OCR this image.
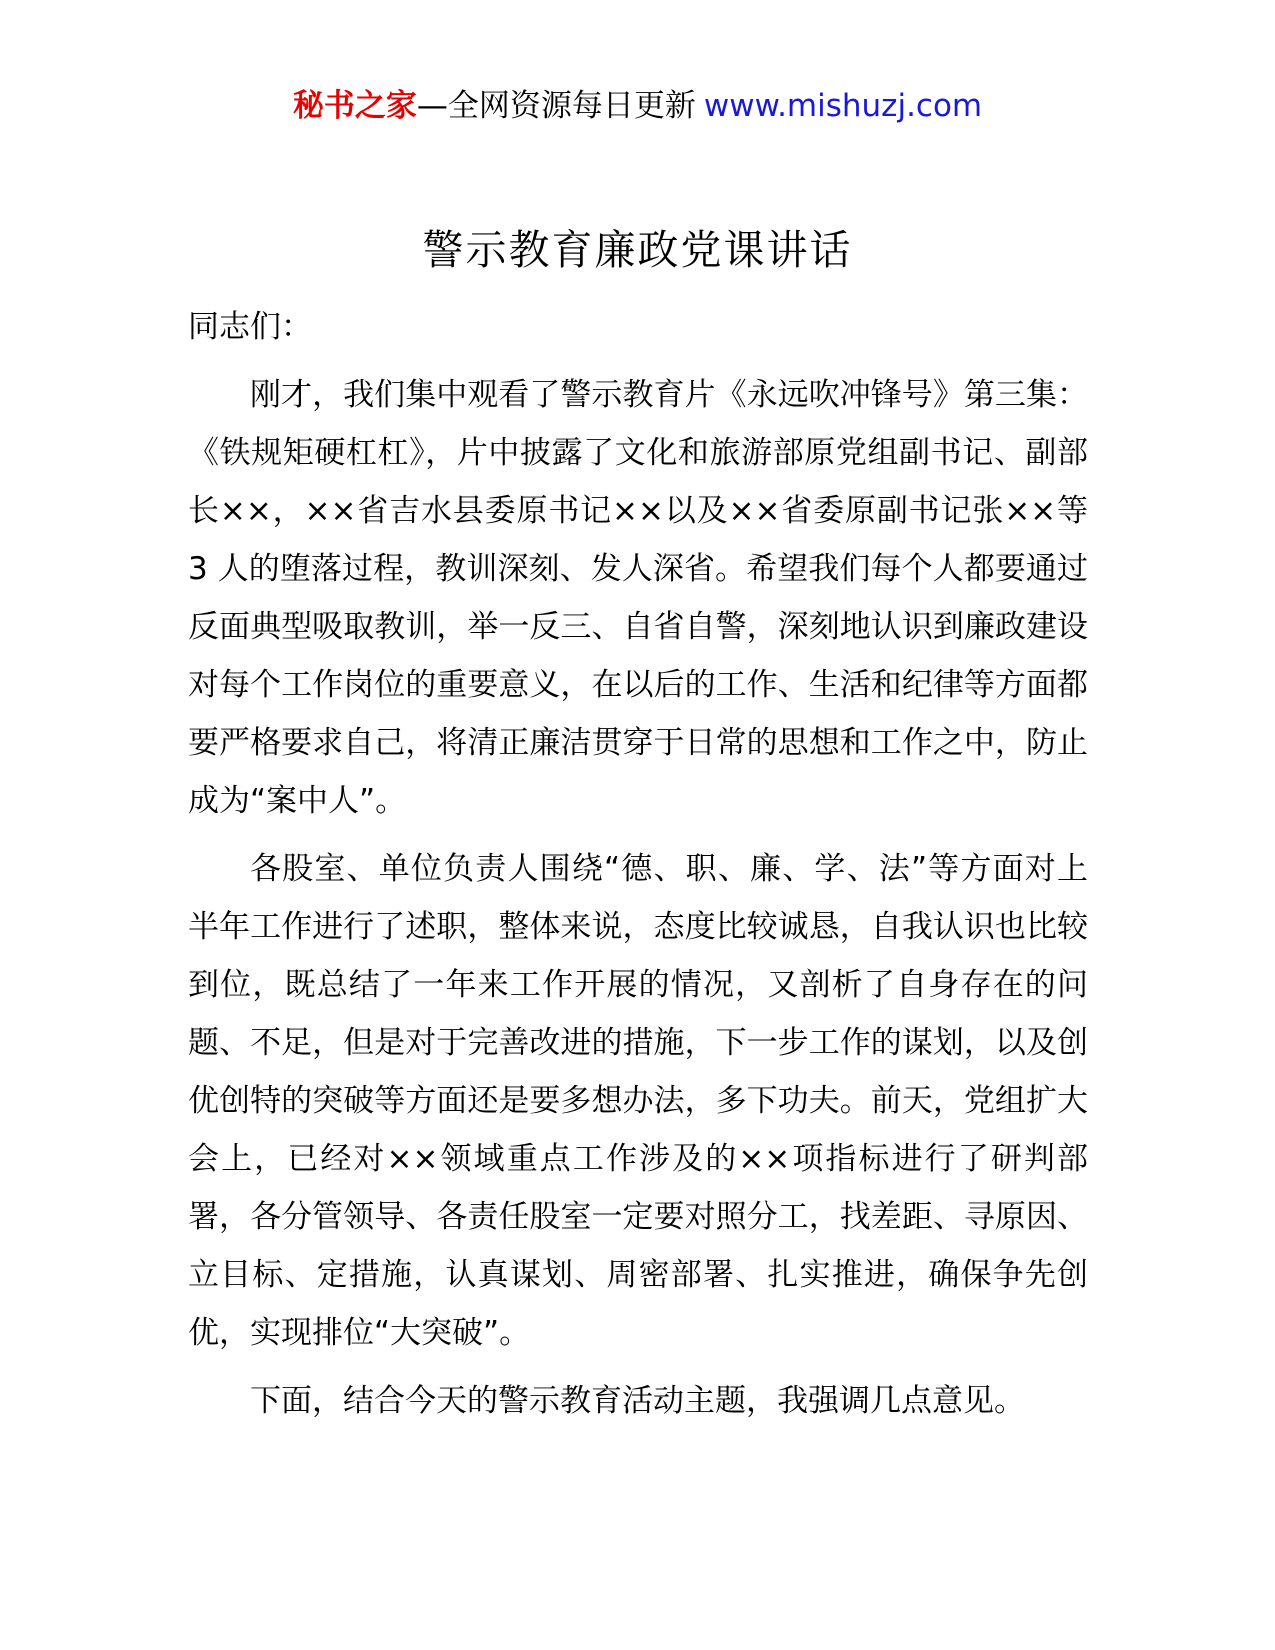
秘书之家—全网资源每日更新 www.mishuzj.com
警示教育廉政党课讲话

同志们：

刚才，我们集中观看了警示教育片《永远吹冲锋号》第三集：《铁规矩硬杠杠》，片中披露了文化和旅游部原党组副书记、副部长××，××省吉水县委原书记××以及××省委原副书记张××等 3 人的堕落过程，教训深刻、发人深省。希望我们每个人都要通过反面典型吸取教训，举一反三、自省自警，深刻地认识到廉政建设对每个工作岗位的重要意义，在以后的工作、生活和纪律等方面都要严格要求自己，将清正廉洁贯穿于日常的思想和工作之中，防止成为“案中人”。

各股室、单位负责人围绕“德、职、廉、学、法”等方面对上半年工作进行了述职，整体来说，态度比较诚恳，自我认识也比较到位，既总结了一年来工作开展的情况，又剖析了自身存在的问题、不足，但是对于完善改进的措施，下一步工作的谋划，以及创优创特的突破等方面还是要多想办法，多下功夫。前天，党组扩大会上，已经对××领域重点工作涉及的××项指标进行了研判部署，各分管领导、各责任股室一定要对照分工，找差距、寻原因、立目标、定措施，认真谋划、周密部署、扎实推进，确保争先创优，实现排位“大突破”。

下面，结合今天的警示教育活动主题，我强调几点意见。
